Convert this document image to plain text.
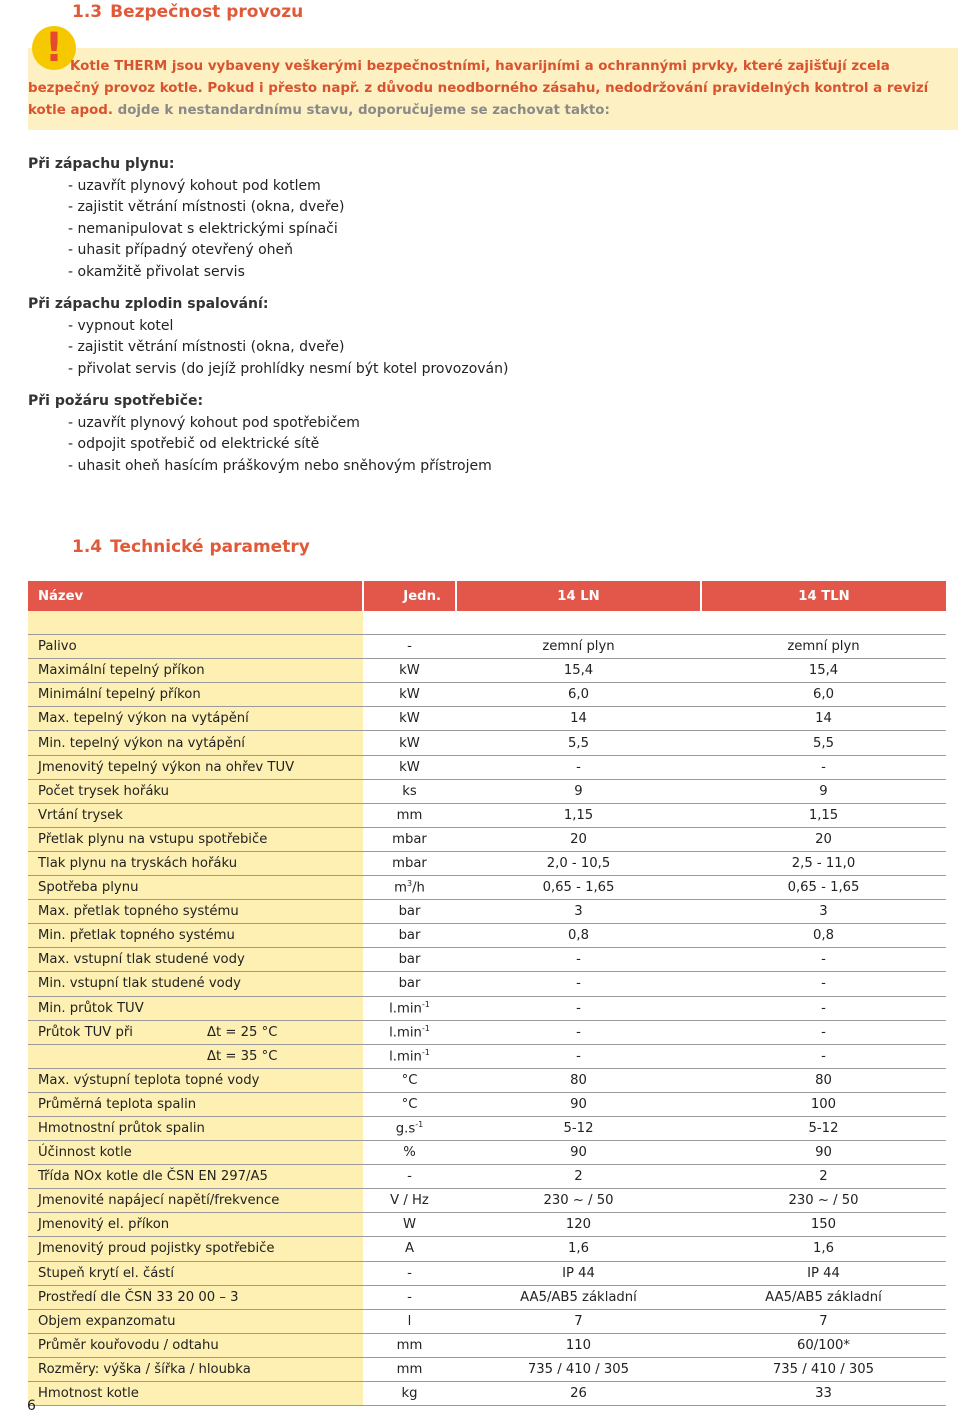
1.3 Bezpečnost provozu
! Kotle THERM jsou vybaveny veškerými bezpečnostními, havarijními a ochrannými prvky, které zajišťují zcela bezpečný provoz kotle. Pokud i přesto např. z důvodu neodborného zásahu, nedodržování pravidelných kontrol a revizí kotle apod. dojde k nestandardnímu stavu, doporučujeme se zachovat takto:

Při zápachu plynu:
- uzavřít plynový kohout pod kotlem
- zajistit větrání místnosti (okna, dveře)
- nemanipulovat s elektrickými spínači
- uhasit případný otevřený oheň
- okamžitě přivolat servis
Při zápachu zplodin spalování:
- vypnout kotel
- zajistit větrání místnosti (okna, dveře)
- přivolat servis (do jejíž prohlídky nesmí být kotel provozován)
Při požáru spotřebiče:
- uzavřít plynový kohout pod spotřebičem
- odpojit spotřebič od elektrické sítě
- uhasit oheň hasícím práškovým nebo sněhovým přístrojem
1.4 Technické parametry
Název	Jedn.	14 LN	14 TLN

Palivo	-	zemní plyn	zemní plyn
Maximální tepelný příkon	kW	15,4	15,4
Minimální tepelný příkon	kW	6,0	6,0
Max. tepelný výkon na vytápění	kW	14	14
Min. tepelný výkon na vytápění	kW	5,5	5,5
Jmenovitý tepelný výkon na ohřev TUV	kW	-	-
Počet trysek hořáku	ks	9	9
Vrtání trysek	mm	1,15	1,15
Přetlak plynu na vstupu spotřebiče	mbar	20	20
Tlak plynu na tryskách hořáku	mbar	2,0 - 10,5	2,5 - 11,0
Spotřeba plynu	$m^3/h$	0,65 - 1,65	0,65 - 1,65
Max. přetlak topného systému	bar	3	3
Min. přetlak topného systému	bar	0,8	0,8
Max. vstupní tlak studené vody	bar	-	-
Min. vstupní tlak studené vody	bar	-	-
Min. průtok TUV	$l.\min^{-1}$	-	-
Průtok TUV při Δt = 25 °C	$l.\min^{-1}$	-	-

Δt = 35 °C	$l.\min^{-1}$	-	-
Max. výstupní teplota topné vody	°C	80	80
Průměrná teplota spalin	°C	90	100
Hmotnostní průtok spalin	$g.s^{-1}$	5-12	5-12
Účinnost kotle	%	90	90
Třída NOx kotle dle ČSN EN 297/A5	-	2	2
Jmenovité napájecí napětí/frekvence	V / Hz	230 ~ / 50	230 ~ / 50
Jmenovitý el. příkon	W	120	150
Jmenovitý proud pojistky spotřebiče	A	1,6	1,6
Stupeň krytí el. částí	-	IP 44	IP 44
Prostředí dle ČSN 33 20 00 – 3	-	AA5/AB5 základní	AA5/AB5 základní
Objem expanzomatu	l	7	7
Průměr kouřovodu / odtahu	mm	110	60/100*
Rozměry: výška / šířka / hloubka	mm	735 / 410 / 305	735 / 410 / 305
Hmotnost kotle	kg	26	33
6
